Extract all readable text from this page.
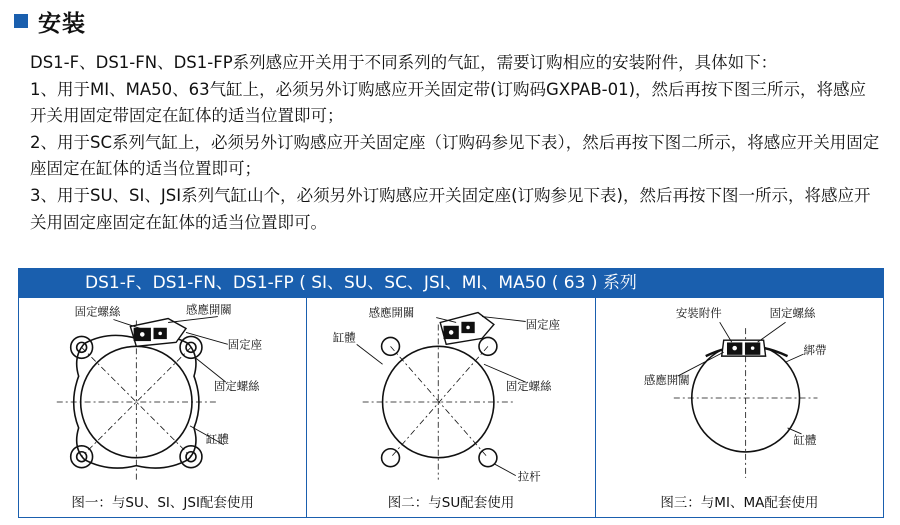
安装

DS1-F、DS1-FN、DS1-FP系列感应开关用于不同系列的气缸，需要订购相应的安装附件，具体如下：

1、用于MI、MA50、63气缸上，必须另外订购感应开关固定带(订购码GXPAB-01)，然后再按下图三所示，将感应开关用固定带固定在缸体的适当位置即可；

2、用于SC系列气缸上，必须另外订购感应开关固定座（订购码参见下表），然后再按下图二所示，将感应开关用固定座固定在缸体的适当位置即可；

3、用于SU、SI、JSI系列气缸山个，必须另外订购感应开关固定座(订购参见下表)，然后再按下图一所示，将感应开关用固定座固定在缸体的适当位置即可。

DS1-F、DS1-FN、DS1-FP ( SI、SU、SC、JSI、MI、MA50 ( 63 ) 系列
固定螺絲	感應開關
固定座
固定螺絲
缸體
图一：与SU、SI、JSI配套使用
感應開關
固定座
缸體
固定螺絲
拉杆
图二：与SU配套使用
安裝附件	固定螺絲
綁帶
感應開關
缸體
图三：与MI、MA配套使用
